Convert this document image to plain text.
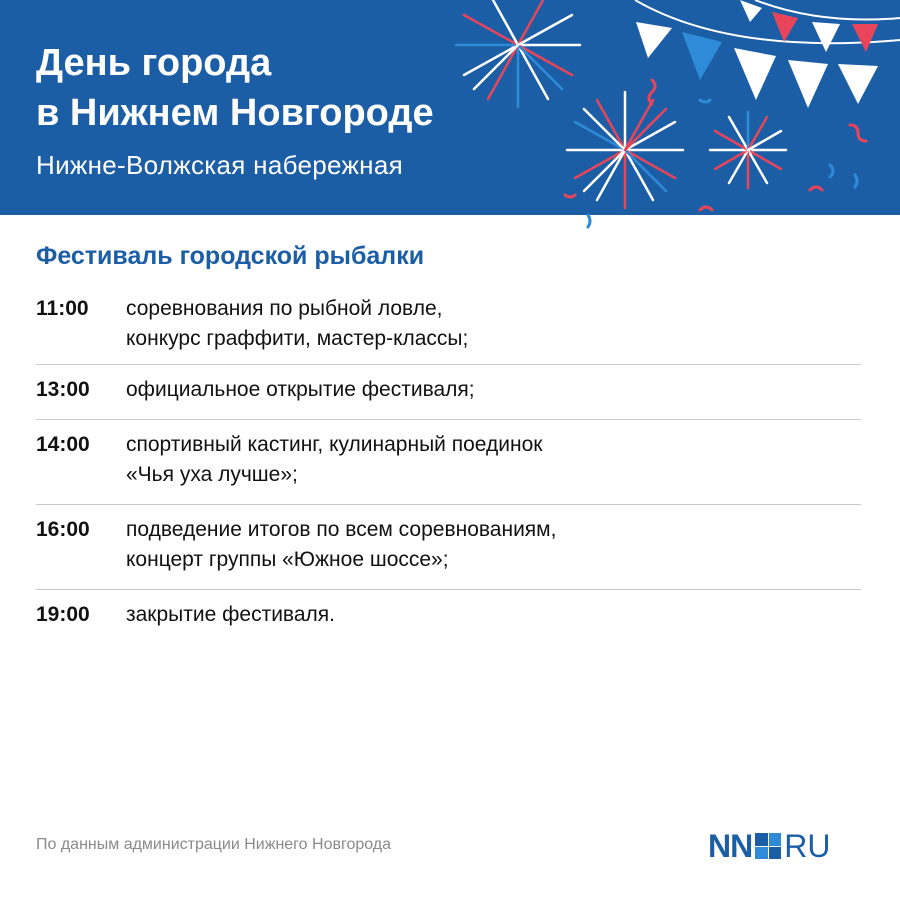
День города
в Нижнем Новгороде
Нижне-Волжская набережная
Фестиваль городской рыбалки
11:00	соревнования по рыбной ловле,
конкурс граффити, мастер-классы;
13:00	официальное открытие фестиваля;
14:00	спортивный кастинг, кулинарный поединок
«Чья уха лучше»;
16:00	подведение итогов по всем соревнованиям,
концерт группы «Южное шоссе»;
19:00	закрытие фестиваля.
По данным администрации Нижнего Новгорода	NN RU
